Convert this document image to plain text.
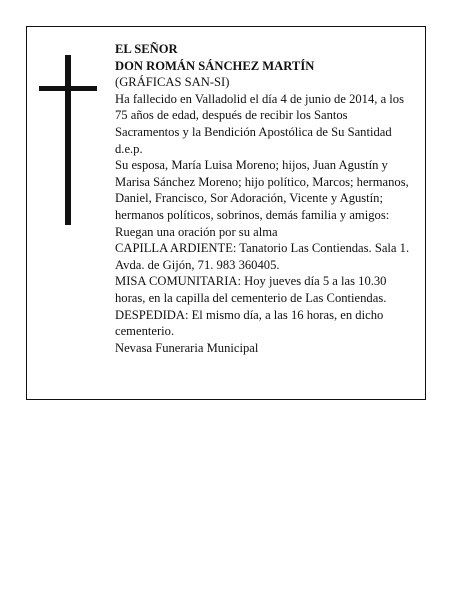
EL SEÑOR

DON ROMÁN SÁNCHEZ MARTÍN

(GRÁFICAS SAN-SI)

Ha fallecido en Valladolid el día 4 de junio de 2014, a los 75 años de edad, después de recibir los Santos Sacramentos y la Bendición Apostólica de Su Santidad

d.e.p.

Su esposa, María Luisa Moreno; hijos, Juan Agustín y Marisa Sánchez Moreno; hijo político, Marcos; hermanos, Daniel, Francisco, Sor Adoración, Vicente y Agustín; hermanos políticos, sobrinos, demás familia y amigos:

Ruegan una oración por su alma

CAPILLA ARDIENTE: Tanatorio Las Contiendas. Sala 1. Avda. de Gijón, 71. 983 360405.

MISA COMUNITARIA: Hoy jueves día 5 a las 10.30 horas, en la capilla del cementerio de Las Contiendas.

DESPEDIDA: El mismo día, a las 16 horas, en dicho cementerio.

Nevasa Funeraria Municipal
